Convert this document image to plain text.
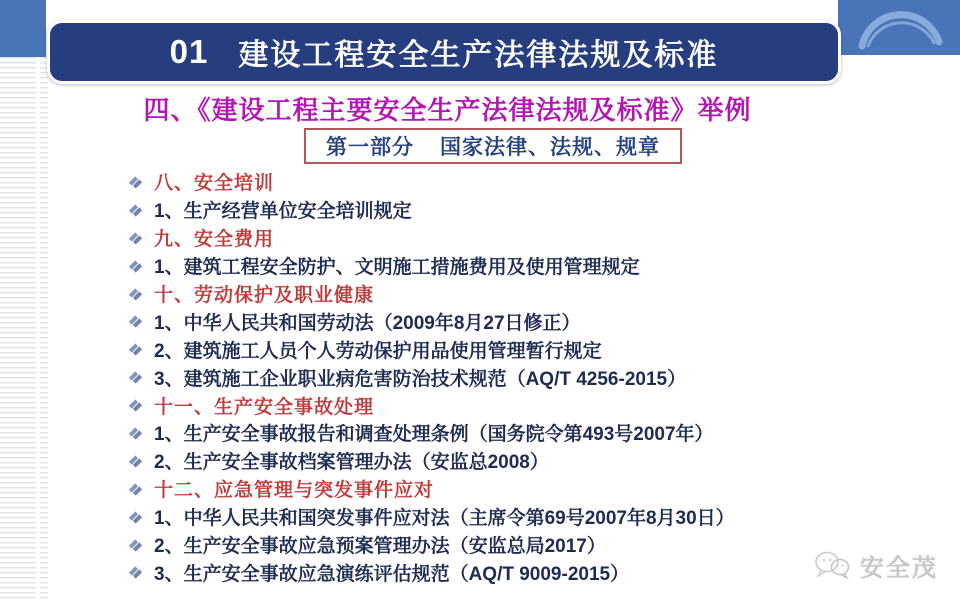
01 建设工程安全生产法律法规及标准
四、《建设工程主要安全生产法律法规及标准》举例
第一部分 国家法律、法规、规章
八、安全培训
1、生产经营单位安全培训规定
九、安全费用
1、建筑工程安全防护、文明施工措施费用及使用管理规定
十、劳动保护及职业健康
1、中华人民共和国劳动法（2009年8月27日修正）
2、建筑施工人员个人劳动保护用品使用管理暂行规定
3、建筑施工企业职业病危害防治技术规范（AQ/T 4256-2015）
十一、生产安全事故处理
1、生产安全事故报告和调查处理条例（国务院令第493号2007年）
2、生产安全事故档案管理办法（安监总2008）
十二、应急管理与突发事件应对
1、中华人民共和国突发事件应对法（主席令第69号2007年8月30日）
2、生产安全事故应急预案管理办法（安监总局2017）
3、生产安全事故应急演练评估规范（AQ/T 9009-2015）	安全茂
